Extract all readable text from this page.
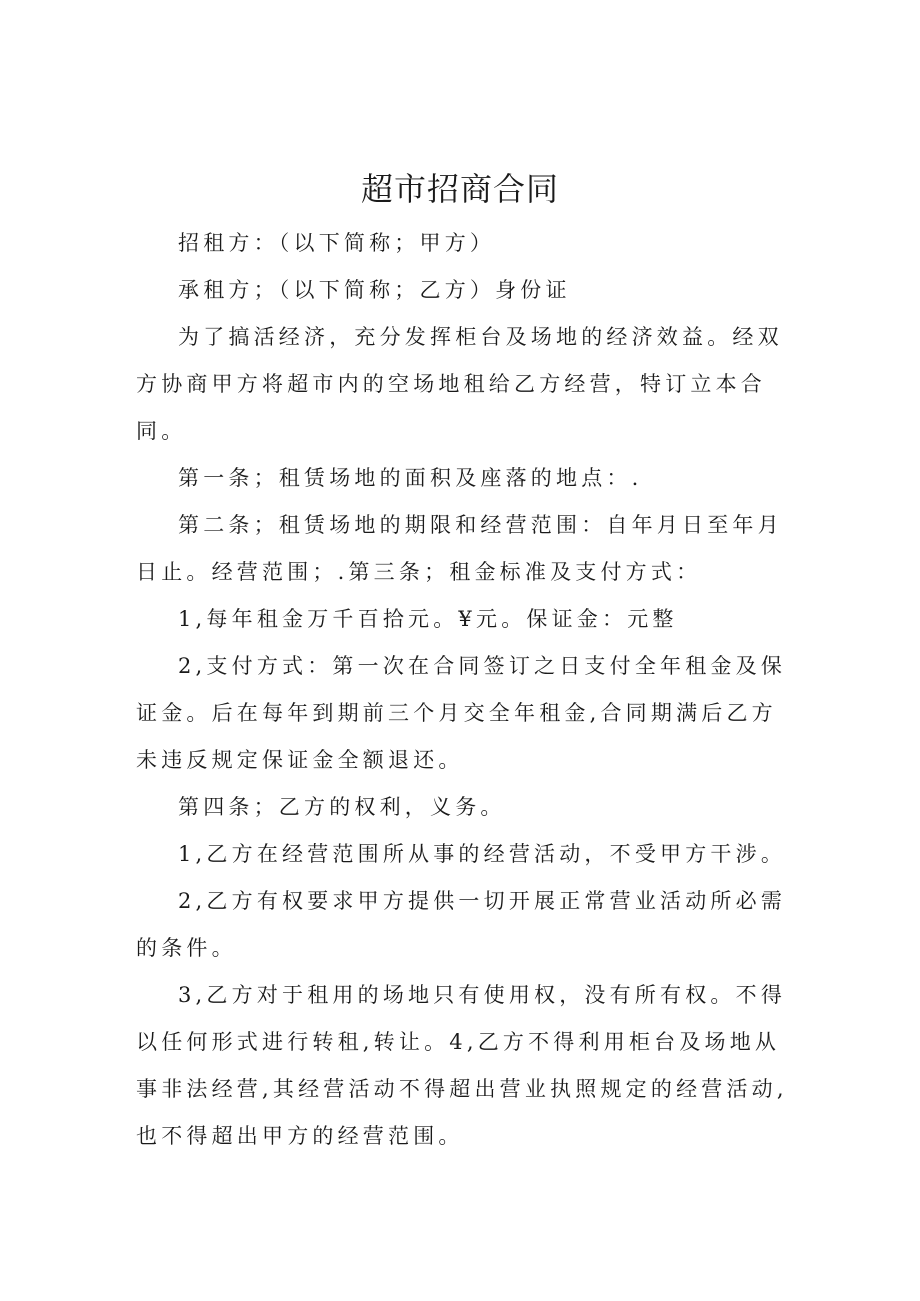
超市招商合同

招租方：（以下简称；甲方）

承租方；（以下简称；乙方）身份证

为了搞活经济，充分发挥柜台及场地的经济效益。经双方协商甲方将超市内的空场地租给乙方经营，特订立本合同。

第一条；租赁场地的面积及座落的地点：.

第二条；租赁场地的期限和经营范围：自年月日至年月日止。经营范围；.第三条；租金标准及支付方式：

1,每年租金万千百拾元。¥元。保证金：元整

2,支付方式：第一次在合同签订之日支付全年租金及保证金。后在每年到期前三个月交全年租金,合同期满后乙方未违反规定保证金全额退还。

第四条；乙方的权利，义务。

1,乙方在经营范围所从事的经营活动，不受甲方干涉。

2,乙方有权要求甲方提供一切开展正常营业活动所必需的条件。

3,乙方对于租用的场地只有使用权，没有所有权。不得以任何形式进行转租,转让。4,乙方不得利用柜台及场地从事非法经营,其经营活动不得超出营业执照规定的经营活动,也不得超出甲方的经营范围。
